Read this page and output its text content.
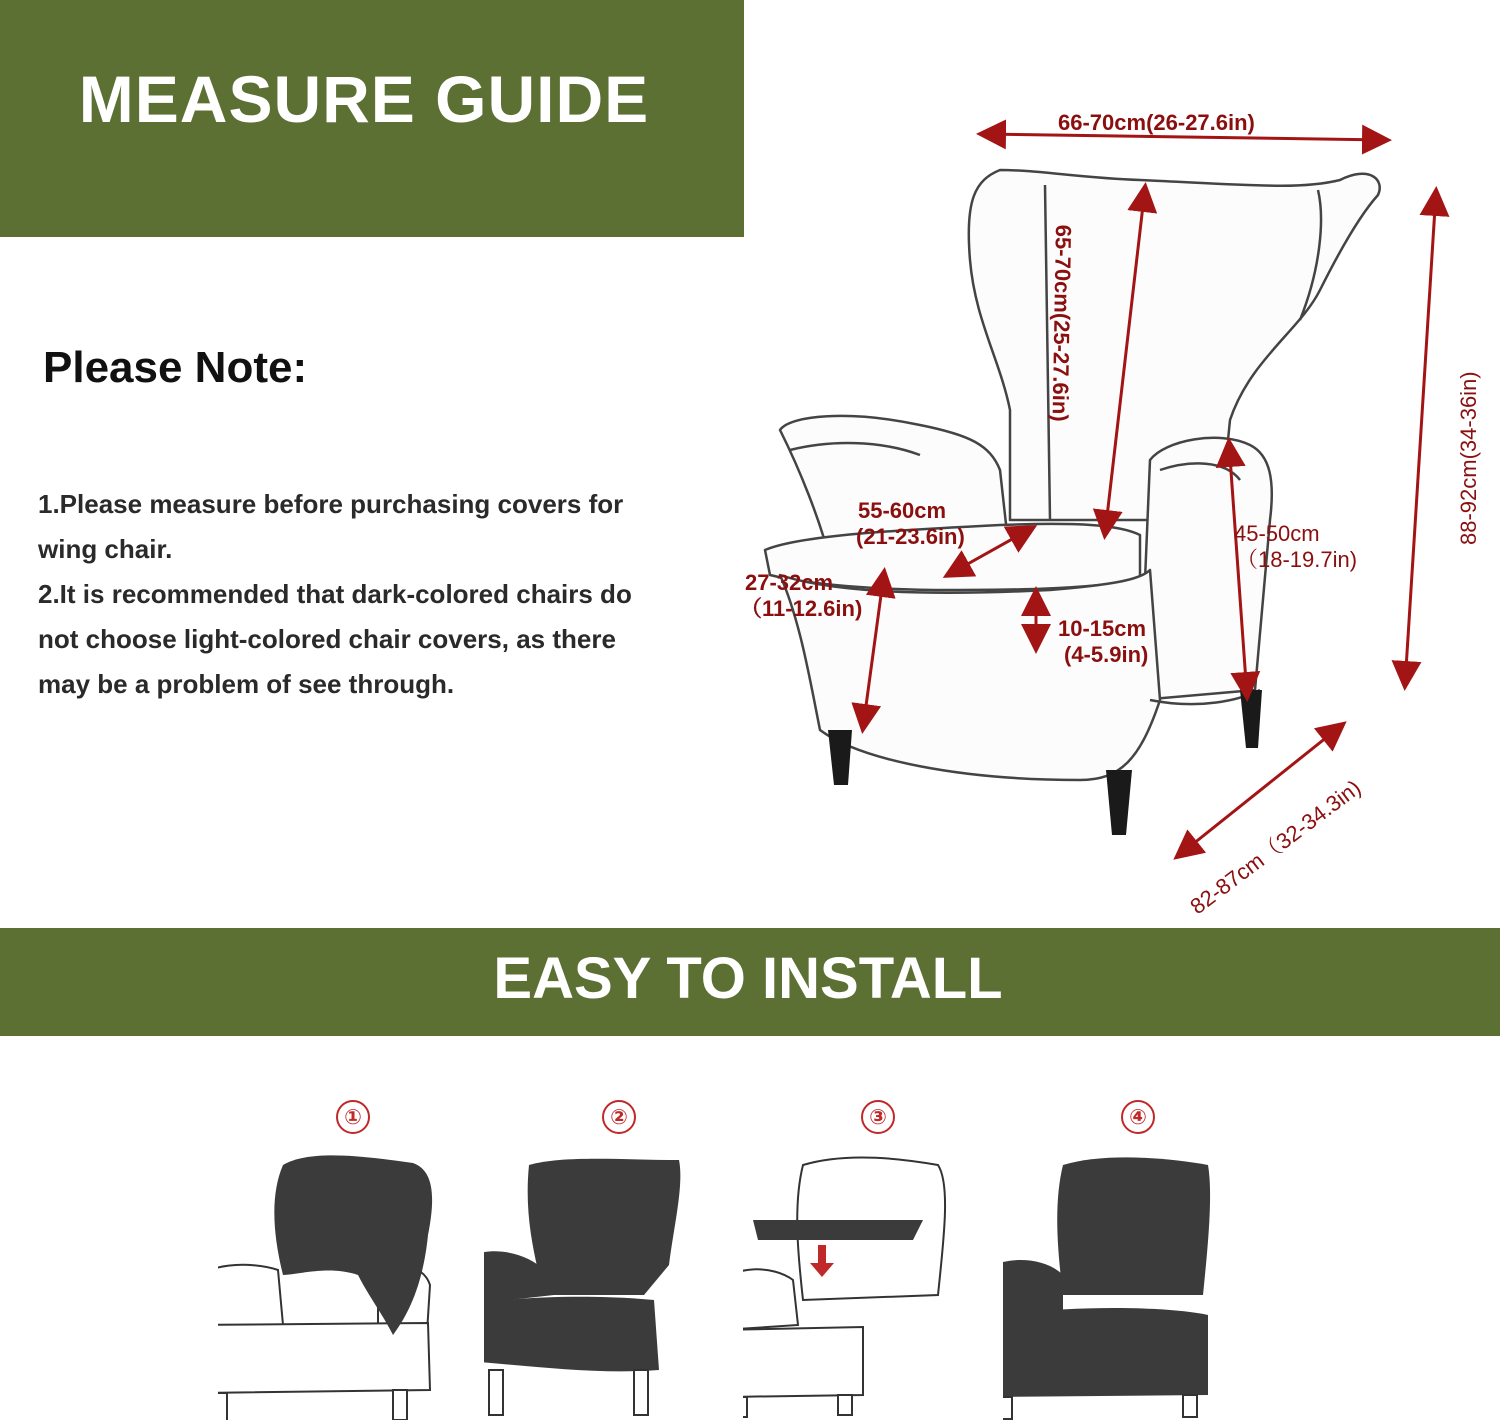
MEASURE GUIDE
Please Note:
1.Please measure before purchasing covers for
wing chair.
2.It is recommended that dark-colored chairs do
not choose light-colored chair covers, as there
may be a problem of see through.
66-70cm(26-27.6in)
65-70cm(25-27.6in)
88-92cm(34-36in)
55-60cm
(21-23.6in)
27-32cm
（11-12.6in)
10-15cm
(4-5.9in)
45-50cm
（18-19.7in)
82-87cm（32-34.3in)
EASY TO INSTALL
①	②	③	④
